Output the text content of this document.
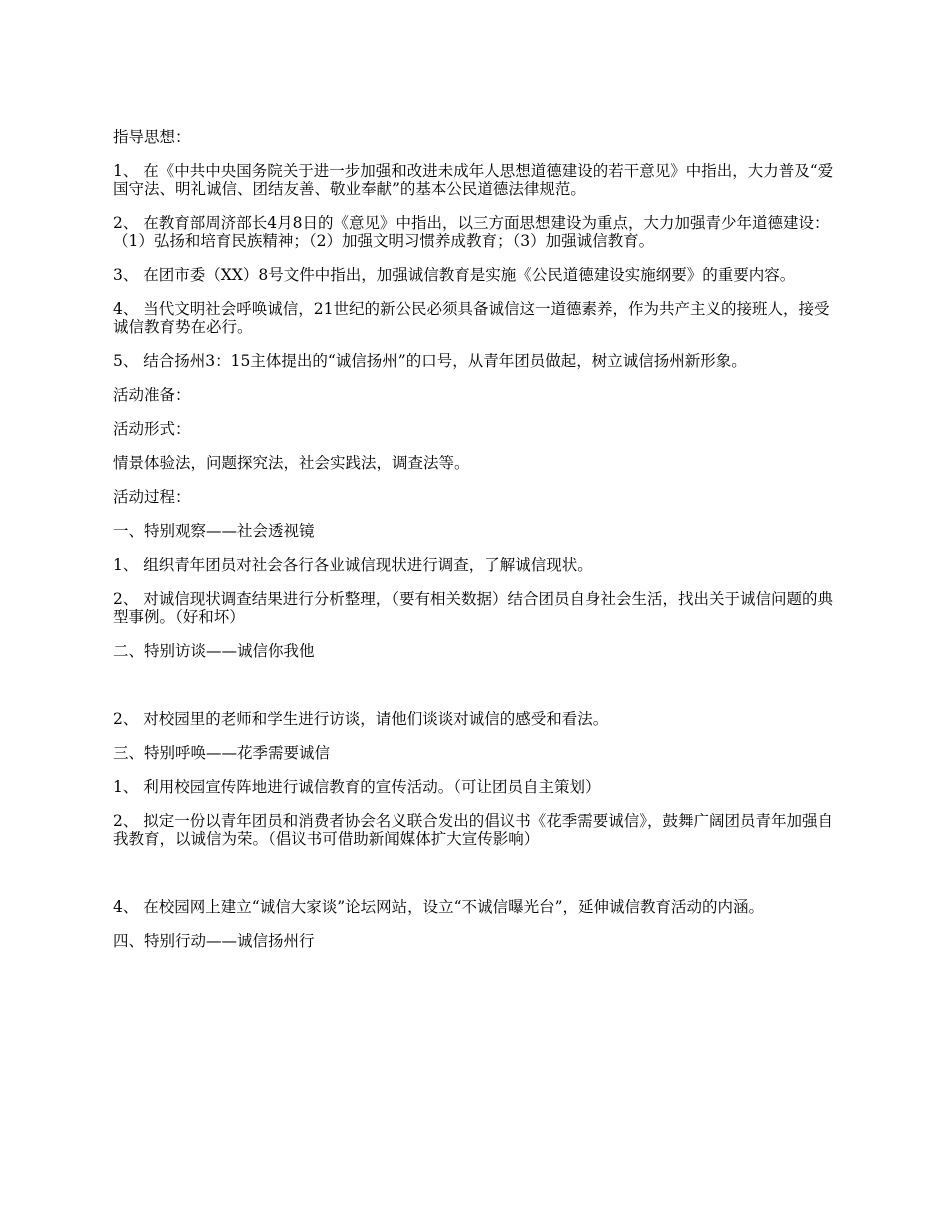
指导思想：

1、 在《中共中央国务院关于进一步加强和改进未成年人思想道德建设的若干意见》中指出，大力普及“爱国守法、明礼诚信、团结友善、敬业奉献”的基本公民道德法律规范。

2、 在教育部周济部长4月8日的《意见》中指出，以三方面思想建设为重点，大力加强青少年道德建设：（1）弘扬和培育民族精神；（2）加强文明习惯养成教育；（3）加强诚信教育。

3、 在团市委（XX）8号文件中指出，加强诚信教育是实施《公民道德建设实施纲要》的重要内容。

4、 当代文明社会呼唤诚信，21世纪的新公民必须具备诚信这一道德素养，作为共产主义的接班人，接受诚信教育势在必行。

5、 结合扬州3：15主体提出的“诚信扬州”的口号，从青年团员做起，树立诚信扬州新形象。

活动准备：

活动形式：

情景体验法，问题探究法，社会实践法，调查法等。

活动过程：

一、特别观察——社会透视镜

1、 组织青年团员对社会各行各业诚信现状进行调查，了解诚信现状。

2、 对诚信现状调查结果进行分析整理，（要有相关数据）结合团员自身社会生活，找出关于诚信问题的典型事例。（好和坏）

二、特别访谈——诚信你我他

2、 对校园里的老师和学生进行访谈，请他们谈谈对诚信的感受和看法。

三、特别呼唤——花季需要诚信

1、 利用校园宣传阵地进行诚信教育的宣传活动。（可让团员自主策划）

2、 拟定一份以青年团员和消费者协会名义联合发出的倡议书《花季需要诚信》，鼓舞广阔团员青年加强自我教育，以诚信为荣。（倡议书可借助新闻媒体扩大宣传影响）

4、 在校园网上建立“诚信大家谈”论坛网站，设立“不诚信曝光台”，延伸诚信教育活动的内涵。

四、特别行动——诚信扬州行
